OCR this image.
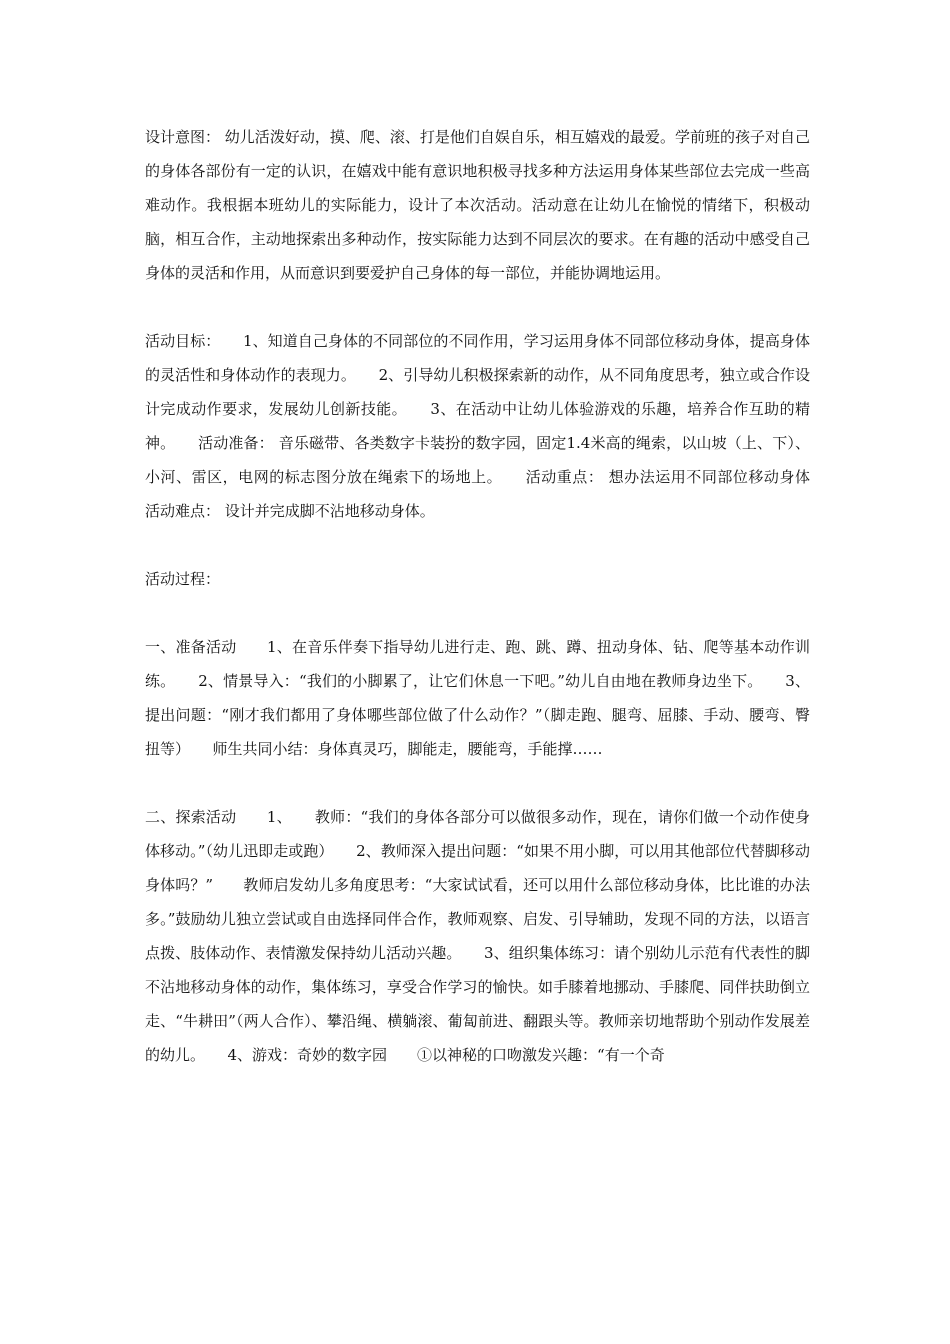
设计意图： 幼儿活泼好动，摸、爬、滚、打是他们自娱自乐，相互嬉戏的最爱。学前班的孩子对自己的身体各部份有一定的认识，在嬉戏中能有意识地积极寻找多种方法运用身体某些部位去完成一些高难动作。我根据本班幼儿的实际能力，设计了本次活动。活动意在让幼儿在愉悦的情绪下，积极动脑，相互合作，主动地探索出多种动作，按实际能力达到不同层次的要求。在有趣的活动中感受自己身体的灵活和作用，从而意识到要爱护自己身体的每一部位，并能协调地运用。

活动目标：　　1、知道自己身体的不同部位的不同作用，学习运用身体不同部位移动身体，提高身体的灵活性和身体动作的表现力。　　2、引导幼儿积极探索新的动作，从不同角度思考，独立或合作设计完成动作要求，发展幼儿创新技能。　　3、在活动中让幼儿体验游戏的乐趣，培养合作互助的精神。　　活动准备： 音乐磁带、各类数字卡装扮的数字园，固定1.4米高的绳索，以山坡（上、下）、小河、雷区，电网的标志图分放在绳索下的场地上。　　活动重点： 想办法运用不同部位移动身体　　活动难点： 设计并完成脚不沾地移动身体。

活动过程：

一、准备活动　　1、在音乐伴奏下指导幼儿进行走、跑、跳、蹲、扭动身体、钻、爬等基本动作训练。　　2、情景导入：“我们的小脚累了，让它们休息一下吧。”幼儿自由地在教师身边坐下。　　3、提出问题：“刚才我们都用了身体哪些部位做了什么动作？”（脚走跑、腿弯、屈膝、手动、腰弯、臀扭等）　　师生共同小结：身体真灵巧，脚能走，腰能弯，手能撑……

二、探索活动　　1、　　教师：“我们的身体各部分可以做很多动作，现在，请你们做一个动作使身体移动。”（幼儿迅即走或跑）　　2、教师深入提出问题：“如果不用小脚，可以用其他部位代替脚移动身体吗？”　　教师启发幼儿多角度思考：“大家试试看，还可以用什么部位移动身体，比比谁的办法多。”鼓励幼儿独立尝试或自由选择同伴合作，教师观察、启发、引导辅助，发现不同的方法，以语言点拨、肢体动作、表情激发保持幼儿活动兴趣。　　3、组织集体练习：请个别幼儿示范有代表性的脚不沾地移动身体的动作，集体练习，享受合作学习的愉快。如手膝着地挪动、手膝爬、同伴扶助倒立走、“牛耕田”（两人合作）、攀沿绳、横躺滚、葡匐前进、翻跟头等。教师亲切地帮助个别动作发展差的幼儿。　　4、游戏：奇妙的数字园　　①以神秘的口吻激发兴趣：“有一个奇
